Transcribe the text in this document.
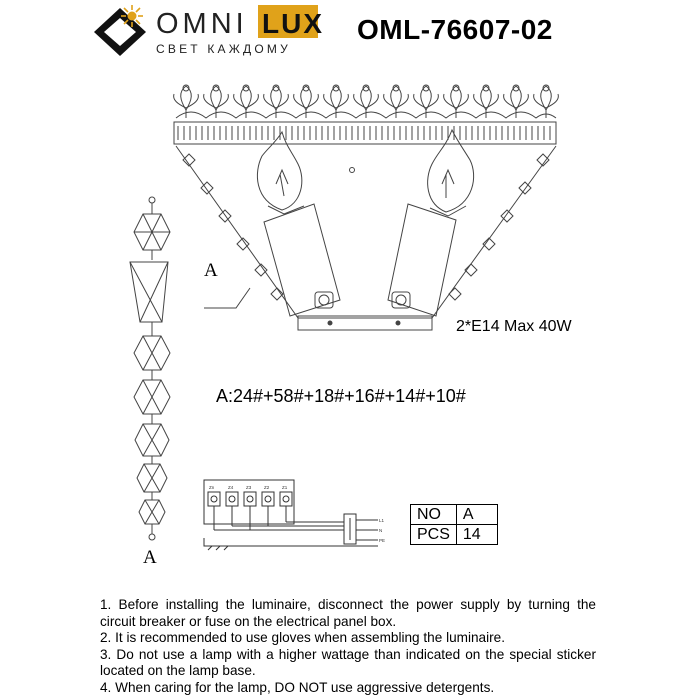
OMNI LUX
СВЕТ КАЖДОМУ
OML-76607-02
A
A
Zn	Z4	Z3	Z2	Z1
L1
N
PE
2*E14 Max 40W
A:24#+58#+18#+16#+14#+10#
NO	A
PCS	14

1. Before installing the luminaire, disconnect the power supply by turning the

circuit breaker or fuse on the electrical panel box.

2. It is recommended to use gloves when assembling the luminaire.

3. Do not use a lamp with a higher wattage than indicated on the special sticker

located on the lamp base.

4. When caring for the lamp, DO NOT use aggressive detergents.
